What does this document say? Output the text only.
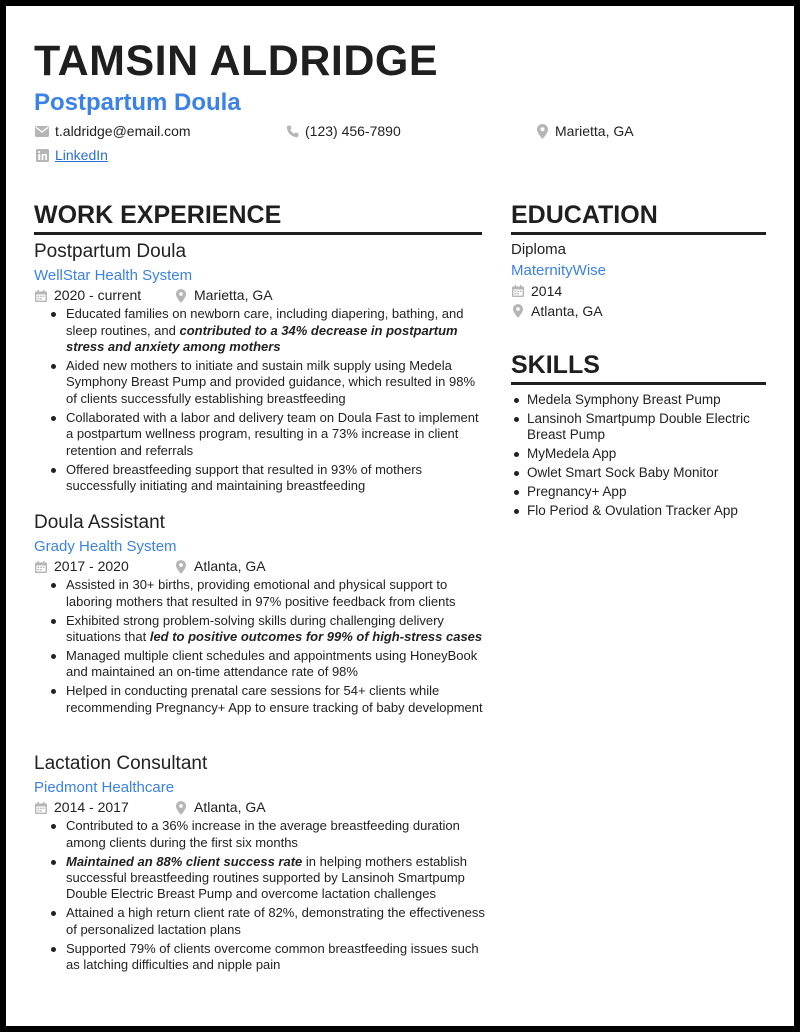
TAMSIN ALDRIDGE
Postpartum Doula
t.aldridge@email.com	(123) 456-7890	Marietta, GA
LinkedIn
WORK EXPERIENCE
Postpartum Doula
WellStar Health System
2020 - current	Marietta, GA
Educated families on newborn care, including diapering, bathing, and sleep routines, and contributed to a 34% decrease in postpartum stress and anxiety among mothers
Aided new mothers to initiate and sustain milk supply using Medela Symphony Breast Pump and provided guidance, which resulted in 98% of clients successfully establishing breastfeeding
Collaborated with a labor and delivery team on Doula Fast to implement a postpartum wellness program, resulting in a 73% increase in client retention and referrals
Offered breastfeeding support that resulted in 93% of mothers successfully initiating and maintaining breastfeeding
Doula Assistant
Grady Health System
2017 - 2020	Atlanta, GA
Assisted in 30+ births, providing emotional and physical support to laboring mothers that resulted in 97% positive feedback from clients
Exhibited strong problem-solving skills during challenging delivery situations that led to positive outcomes for 99% of high-stress cases
Managed multiple client schedules and appointments using HoneyBook and maintained an on-time attendance rate of 98%
Helped in conducting prenatal care sessions for 54+ clients while recommending Pregnancy+ App to ensure tracking of baby development
Lactation Consultant
Piedmont Healthcare
2014 - 2017	Atlanta, GA
Contributed to a 36% increase in the average breastfeeding duration among clients during the first six months
Maintained an 88% client success rate in helping mothers establish successful breastfeeding routines supported by Lansinoh Smartpump Double Electric Breast Pump and overcome lactation challenges
Attained a high return client rate of 82%, demonstrating the effectiveness of personalized lactation plans
Supported 79% of clients overcome common breastfeeding issues such as latching difficulties and nipple pain
EDUCATION
Diploma
MaternityWise
2014
Atlanta, GA
SKILLS
Medela Symphony Breast Pump
Lansinoh Smartpump Double Electric Breast Pump
MyMedela App
Owlet Smart Sock Baby Monitor
Pregnancy+ App
Flo Period & Ovulation Tracker App
